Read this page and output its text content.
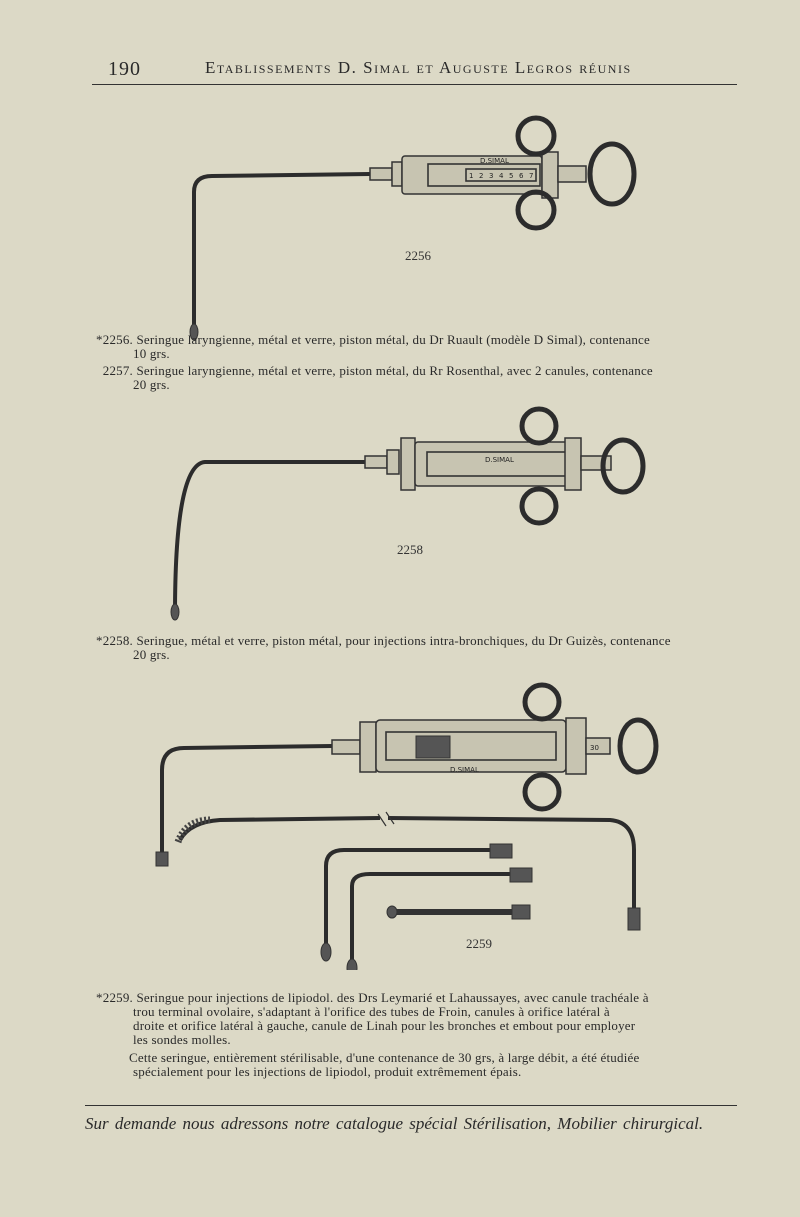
190	Etablissements D. Simal et Auguste Legros réunis
D.SIMAL
1 2 3 4 5 6 7
2256
*2256. Seringue laryngienne, métal et verre, piston métal, du Dr Ruault (modèle D Simal), contenance
10 grs.
2257. Seringue laryngienne, métal et verre, piston métal, du Rr Rosenthal, avec 2 canules, contenance
20 grs.
D.SIMAL
2258
*2258. Seringue, métal et verre, piston métal, pour injections intra-bronchiques, du Dr Guizès, contenance
20 grs.
D.SIMAL
30
2259
*2259. Seringue pour injections de lipiodol. des Drs Leymarié et Lahaussayes, avec canule trachéale à
trou terminal ovolaire, s'adaptant à l'orifice des tubes de Froin, canules à orifice latéral à
droite et orifice latéral à gauche, canule de Linah pour les bronches et embout pour employer
les sondes molles.
Cette seringue, entièrement stérilisable, d'une contenance de 30 grs, à large débit, a été étudiée
spécialement pour les injections de lipiodol, produit extrêmement épais.
Sur demande nous adressons notre catalogue spécial Stérilisation, Mobilier chirurgical.
